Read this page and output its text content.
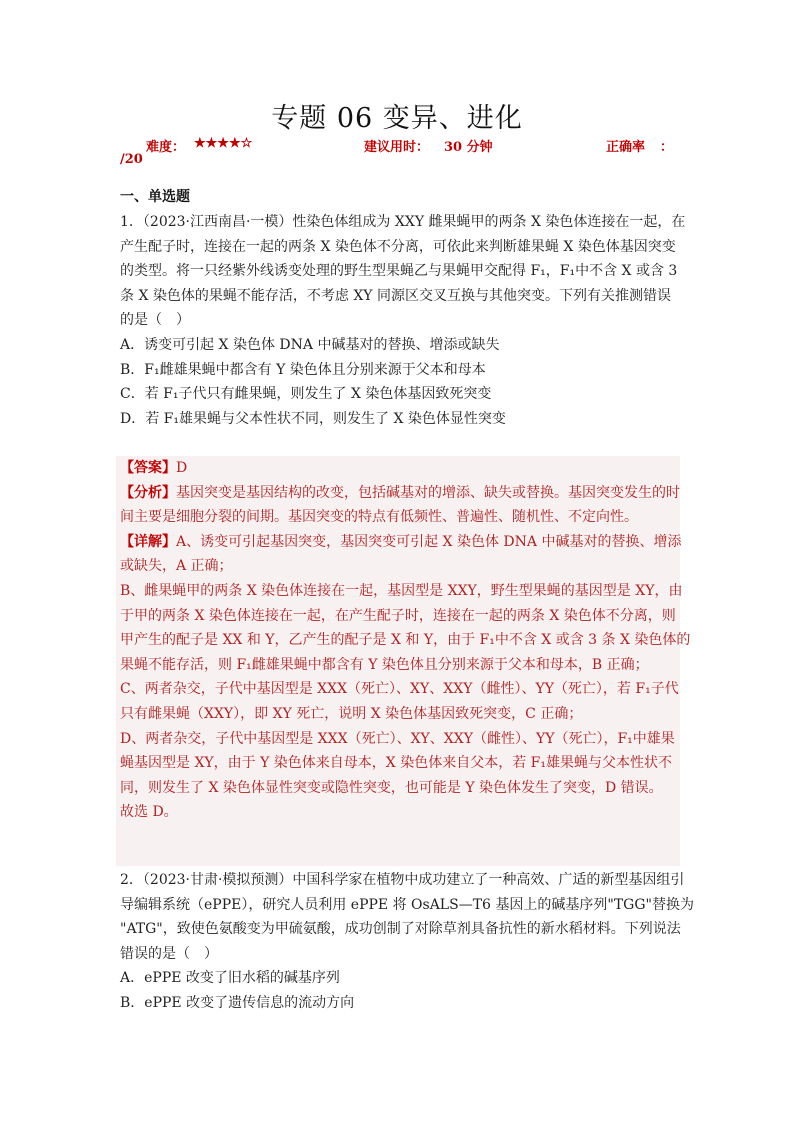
专题 06 变异、进化
难度： ★★★★☆	建议用时： 30 分钟	正确率 ：
/20
一、单选题
1．（2023·江西南昌·一模）性染色体组成为 XXY 雌果蝇甲的两条 X 染色体连接在一起，在
产生配子时，连接在一起的两条 X 染色体不分离，可依此来判断雄果蝇 X 染色体基因突变
的类型。将一只经紫外线诱变处理的野生型果蝇乙与果蝇甲交配得 F₁，F₁中不含 X 或含 3
条 X 染色体的果蝇不能存活，不考虑 XY 同源区交叉互换与其他突变。下列有关推测错误
的是（　）
A．诱变可引起 X 染色体 DNA 中碱基对的替换、增添或缺失
B．F₁雌雄果蝇中都含有 Y 染色体且分别来源于父本和母本
C．若 F₁子代只有雌果蝇，则发生了 X 染色体基因致死突变
D．若 F₁雄果蝇与父本性状不同，则发生了 X 染色体显性突变
【答案】D
【分析】基因突变是基因结构的改变，包括碱基对的增添、缺失或替换。基因突变发生的时
间主要是细胞分裂的间期。基因突变的特点有低频性、普遍性、随机性、不定向性。
【详解】A、诱变可引起基因突变，基因突变可引起 X 染色体 DNA 中碱基对的替换、增添
或缺失，A 正确；
B、雌果蝇甲的两条 X 染色体连接在一起，基因型是 XXY，野生型果蝇的基因型是 XY，由
于甲的两条 X 染色体连接在一起，在产生配子时，连接在一起的两条 X 染色体不分离，则
甲产生的配子是 XX 和 Y，乙产生的配子是 X 和 Y，由于 F₁中不含 X 或含 3 条 X 染色体的
果蝇不能存活，则 F₁雌雄果蝇中都含有 Y 染色体且分别来源于父本和母本，B 正确；
C、两者杂交，子代中基因型是 XXX（死亡）、XY、XXY（雌性）、YY（死亡），若 F₁子代
只有雌果蝇（XXY），即 XY 死亡，说明 X 染色体基因致死突变，C 正确；
D、两者杂交，子代中基因型是 XXX（死亡）、XY、XXY（雌性）、YY（死亡），F₁中雄果
蝇基因型是 XY，由于 Y 染色体来自母本，X 染色体来自父本，若 F₁雄果蝇与父本性状不
同，则发生了 X 染色体显性突变或隐性突变，也可能是 Y 染色体发生了突变，D 错误。
故选 D。
2．（2023·甘肃·模拟预测）中国科学家在植物中成功建立了一种高效、广适的新型基因组引
导编辑系统（ePPE），研究人员利用 ePPE 将 OsALS—T6 基因上的碱基序列"TGG"替换为
"ATG"，致使色氨酸变为甲硫氨酸，成功创制了对除草剂具备抗性的新水稻材料。下列说法
错误的是（　）
A．ePPE 改变了旧水稻的碱基序列
B．ePPE 改变了遗传信息的流动方向
